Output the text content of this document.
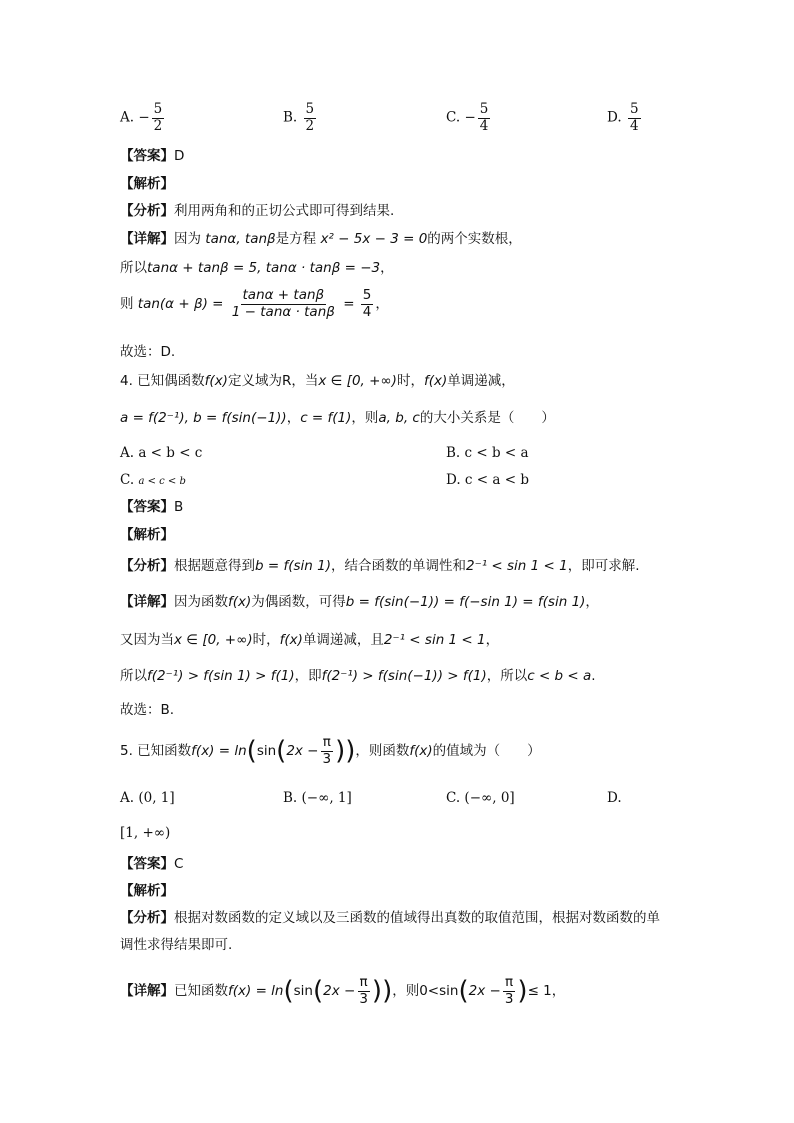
A. − $\frac{5}{2}$	B. $\frac{5}{2}$	C. − $\frac{5}{4}$	D. $\frac{5}{4}$
【答案】D
【解析】
【分析】利用两角和的正切公式即可得到结果.
【详解】因为 tanα, tanβ是方程 x² − 5x − 3 = 0的两个实数根，
所以tanα + tanβ = 5, tanα · tanβ = −3，
则 $\tan(\alpha + \beta) = \frac{\tan\alpha + \tan\beta}{1 - \tan\alpha \cdot \tan\beta} = \frac{5}{4}$ ，
故选：D.
4. 已知偶函数f(x)定义域为R，当x ∈ [0, +∞)时，f(x)单调递减，
a = f(2⁻¹), b = f(sin(−1))，c = f(1)，则a, b, c的大小关系是（　　）
A. a < b < c	B. c < b < a
C. a < c < b	D. c < a < b
【答案】B
【解析】
【分析】根据题意得到b = f(sin 1)，结合函数的单调性和2⁻¹ < sin 1 < 1，即可求解.
【详解】因为函数f(x)为偶函数，可得b = f(sin(−1)) = f(−sin 1) = f(sin 1)，
又因为当x ∈ [0, +∞)时，f(x)单调递减，且2⁻¹ < sin 1 < 1，
所以f(2⁻¹) > f(sin 1) > f(1)，即f(2⁻¹) > f(sin(−1)) > f(1)，所以c < b < a.
故选：B.
5. 已知函数$f(x) = \ln(\sin(2x - \frac{\pi}{3}$ ))，则函数f(x)的值域为（　　）
A. (0, 1]	B. (−∞, 1]	C. (−∞, 0]	D.
[1, +∞)
【答案】C
【解析】
【分析】根据对数函数的定义域以及三函数的值域得出真数的取值范围，根据对数函数的单
调性求得结果即可.
【详解】已知函数$f(x) = \ln(\sin(2x - \frac{\pi}{3}$ ))，则$0<\sin(2x - \frac{\pi}{3}$ )≤ 1，
